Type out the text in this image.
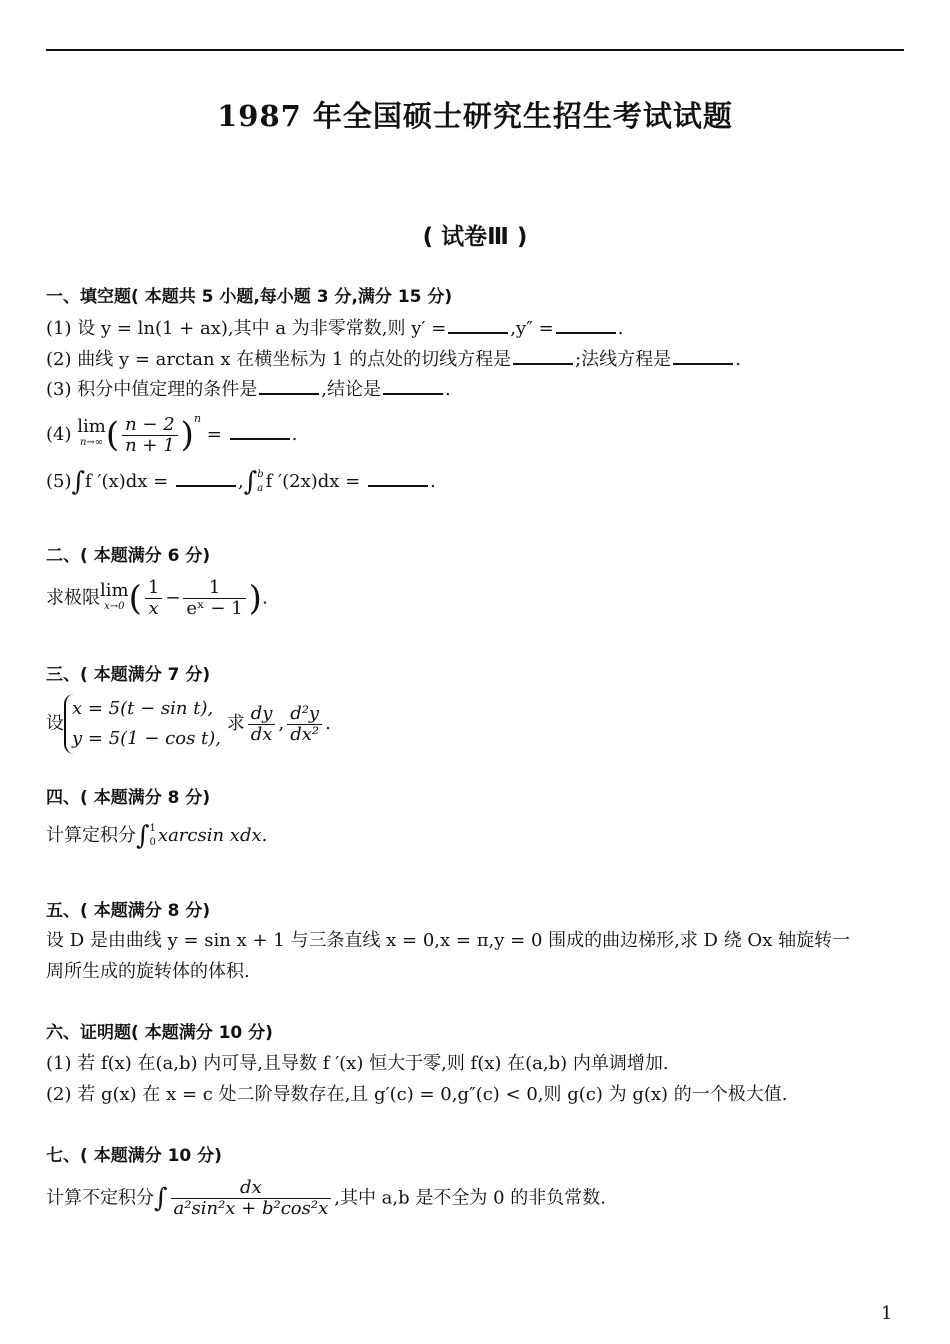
1987 年全国硕士研究生招生考试试题
( 试卷Ⅲ )
一、填空题( 本题共 5 小题,每小题 3 分,满分 15 分)
(1) 设 y = ln(1 + ax),其中 a 为非零常数,则 y′ =	,y″ =	.
(2) 曲线 y = arctan x 在横坐标为 1 的点处的切线方程是	;法线方程是	.
(3) 积分中值定理的条件是	,结论是	.
(4) lim
n→∞ ( $\frac{n - 2}{n + 1} )^n$ =	.
(5)∫f ′(x)dx =	,∫b
a f ′(2x)dx =	.
二、( 本题满分 6 分)
求极限lim
x→0 ( $\frac{1}{x} - \frac{1}{\text{eˣ − 1}}$ ).
三、( 本题满分 7 分)
设x = 5(t − sin t),
y = 5(1 − cos t), 求 $\frac{dy}{dx}$ , $\frac{\text{d²y}}{\text{dx²}}$ .
四、( 本题满分 8 分)
计算定积分∫1
0 xarcsin xdx.
五、( 本题满分 8 分)
设 D 是由曲线 y = sin x + 1 与三条直线 x = 0,x = π,y = 0 围成的曲边梯形,求 D 绕 Ox 轴旋转一
周所生成的旋转体的体积.
六、证明题( 本题满分 10 分)
(1) 若 f(x) 在(a,b) 内可导,且导数 f ′(x) 恒大于零,则 f(x) 在(a,b) 内单调增加.
(2) 若 g(x) 在 x = c 处二阶导数存在,且 g′(c) = 0,g″(c) < 0,则 g(c) 为 g(x) 的一个极大值.
七、( 本题满分 10 分)
计算不定积分∫ $\frac{dx}{\text{a²sin²x + b²cos²x}}$ ,其中 a,b 是不全为 0 的非负常数.
1
